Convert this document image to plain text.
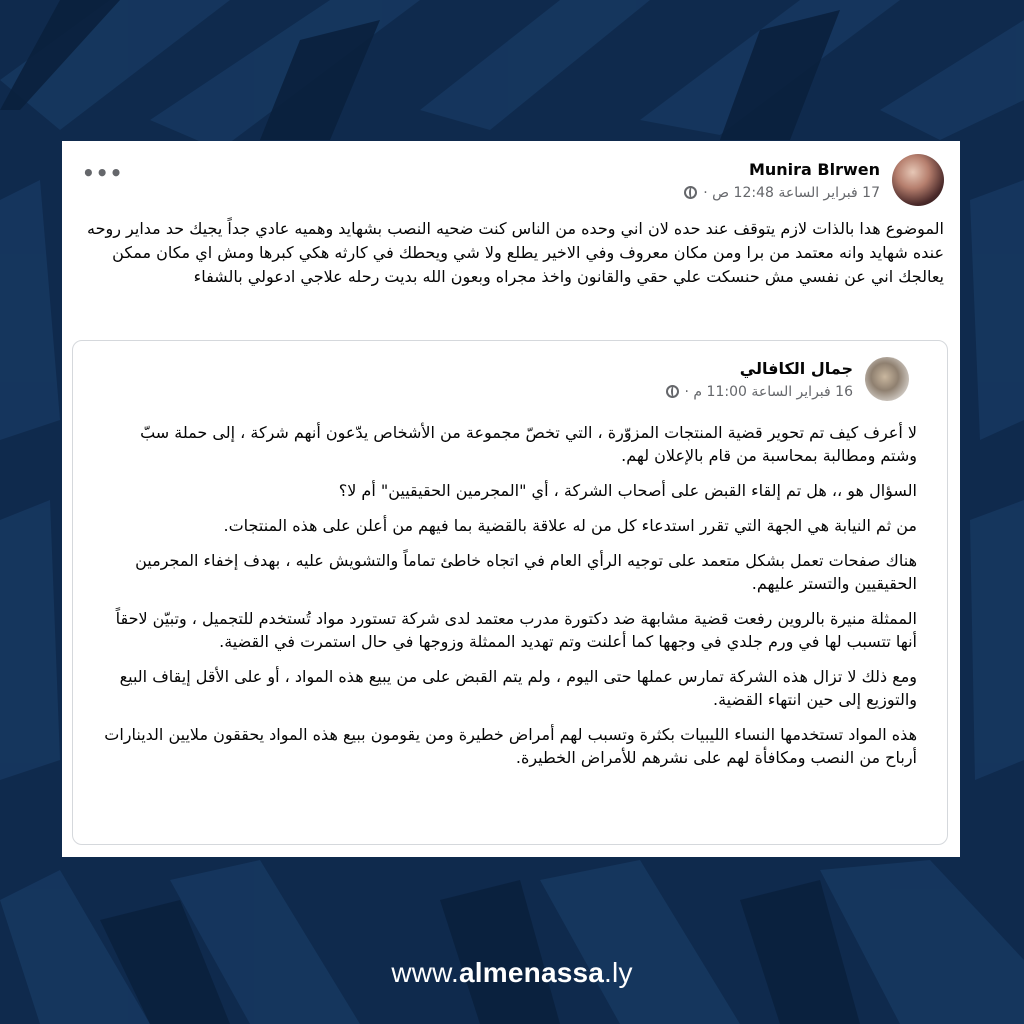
•••	Munira Blrwen
17 فبراير الساعة 12:48 ص ·
الموضوع هدا بالذات لازم يتوقف عند حده لان اني وحده من الناس كنت ضحيه النصب بشهايد وهميه عادي جداً يجيك حد مداير روحه عنده شهايد وانه معتمد من برا ومن مكان معروف وفي الاخير يطلع ولا شي ويحطك في كارثه هكي كبرها ومش اي مكان ممكن يعالجك اني عن نفسي مش حنسكت علي حقي والقانون واخذ مجراه وبعون الله بديت رحله علاجي ادعولي بالشفاء
جمال الكافالي
16 فبراير الساعة 11:00 م ·

لا أعرف كيف تم تحوير قضية المنتجات المزوّرة ، التي تخصّ مجموعة من الأشخاص يدّعون أنهم شركة ، إلى حملة سبّ وشتم ومطالبة بمحاسبة من قام بالإعلان لهم.

السؤال هو ،، هل تم إلقاء القبض على أصحاب الشركة ، أي "المجرمين الحقيقيين" أم لا؟

من ثم النيابة هي الجهة التي تقرر استدعاء كل من له علاقة بالقضية بما فيهم من أعلن على هذه المنتجات.

هناك صفحات تعمل بشكل متعمد على توجيه الرأي العام في اتجاه خاطئ تماماً والتشويش عليه ، بهدف إخفاء المجرمين الحقيقيين والتستر عليهم.

الممثلة منيرة بالروين رفعت قضية مشابهة ضد دكتورة مدرب معتمد لدى شركة تستورد مواد تُستخدم للتجميل ، وتبيّن لاحقاً أنها تتسبب لها في ورم جلدي في وجهها كما أعلنت وتم تهديد الممثلة وزوجها في حال استمرت في القضية.

ومع ذلك لا تزال هذه الشركة تمارس عملها حتى اليوم ، ولم يتم القبض على من يبيع هذه المواد ، أو على الأقل إيقاف البيع والتوزيع إلى حين انتهاء القضية.

هذه المواد تستخدمها النساء الليبيات بكثرة وتسبب لهم أمراض خطيرة ومن يقومون ببيع هذه المواد يحققون ملايين الدينارات أرباح من النصب ومكافأة لهم على نشرهم للأمراض الخطيرة.

www.almenassa.ly
